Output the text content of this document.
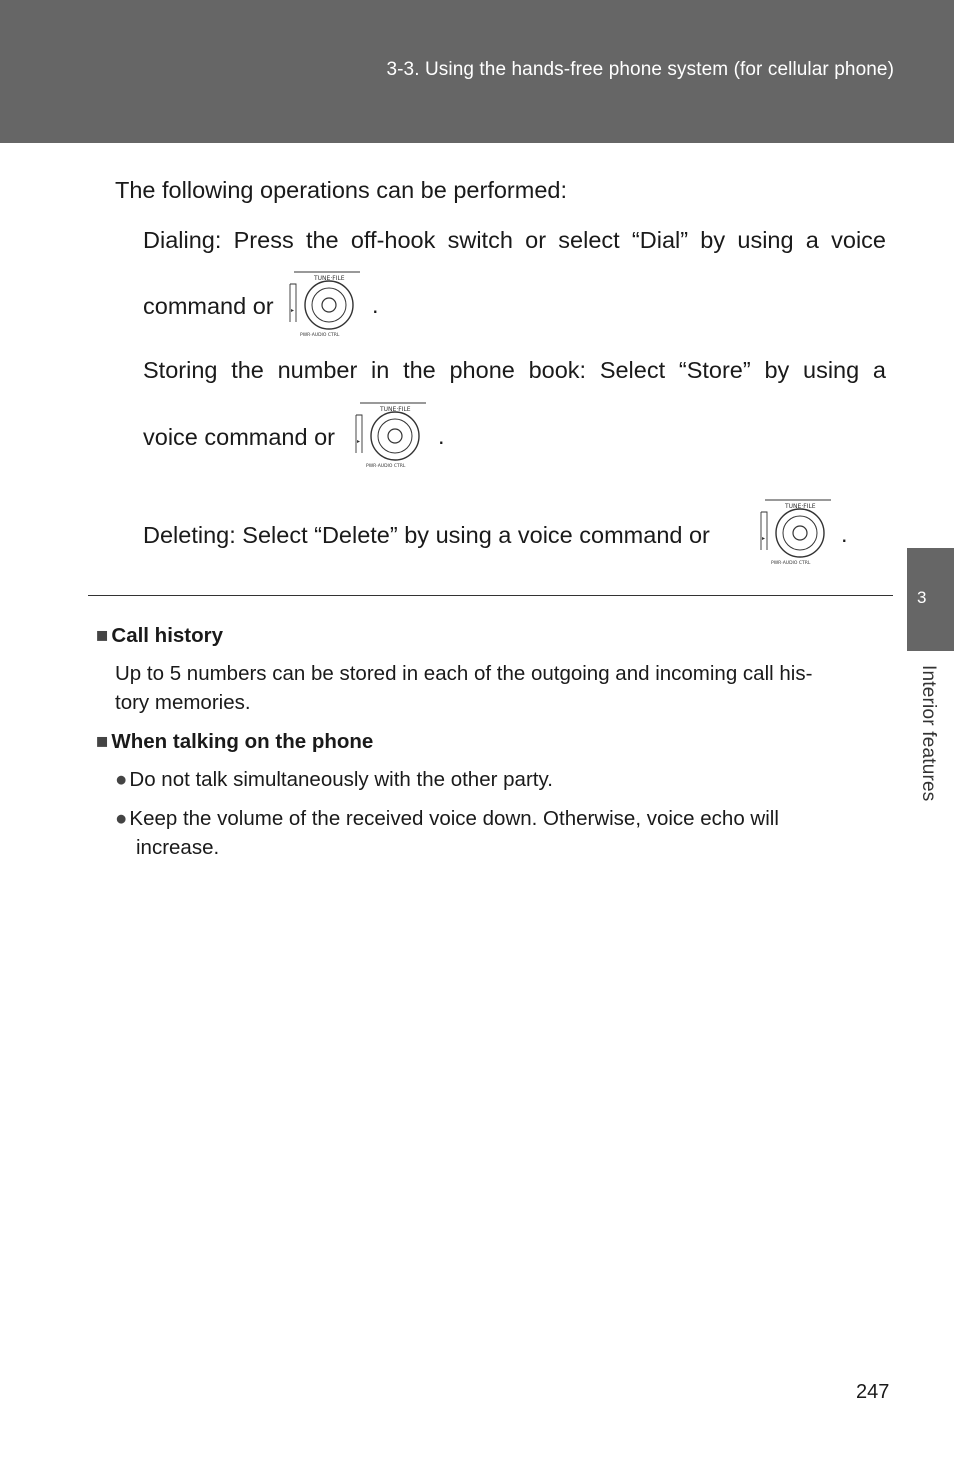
3-3. Using the hands-free phone system (for cellular phone)
The following operations can be performed:
Dialing: Press the off-hook switch or select “Dial” by using a voice
command or
TUNE·FILE
▸
PWR·AUDIO CTRL
.
Storing the number in the phone book: Select “Store” by using a
voice command or
TUNE·FILE
▸
PWR·AUDIO CTRL
.
Deleting: Select “Delete” by using a voice command or
TUNE·FILE
▸
PWR·AUDIO CTRL
.
■ Call history
Up to 5 numbers can be stored in each of the outgoing and incoming call his-
tory memories.
■ When talking on the phone
●Do not talk simultaneously with the other party.
●Keep the volume of the received voice down. Otherwise, voice echo will
increase.
3
Interior features
247
